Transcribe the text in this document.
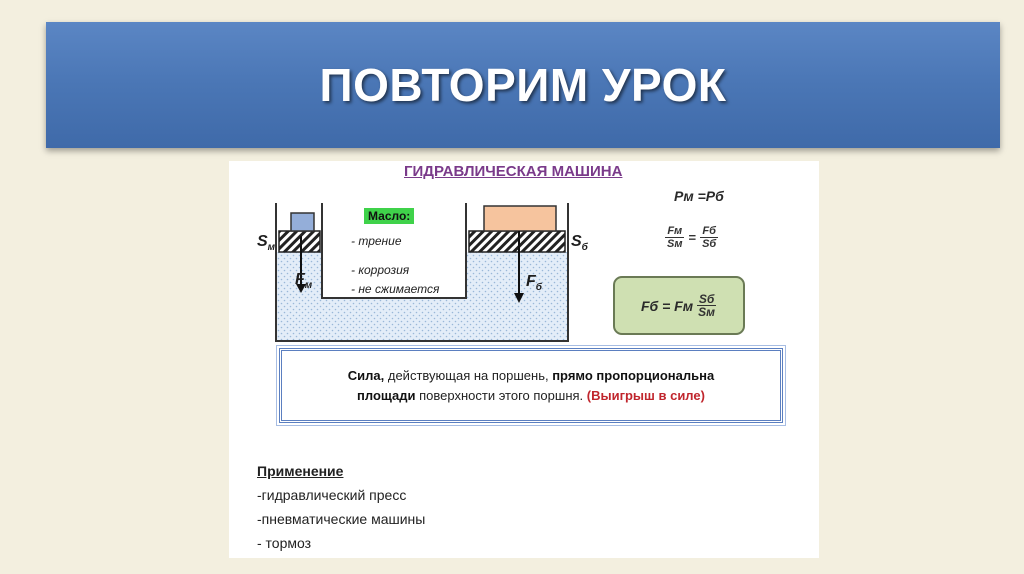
ПОВТОРИМ УРОК
ГИДРАВЛИЧЕСКАЯ МАШИНА
$S_м$	$S_б$
$F_м$	$F_б$
Масло:
- трение
- коррозия
- не сжимается
Pм =Pб
$\frac{Fм}{Sм} = \frac{Fб}{Sб}$
Fб = Fм $\frac{Sб}{Sм}$
Сила, действующая на поршень, прямо пропорциональна
площади поверхности этого поршня. (Выигрыш в силе)
Применение
-гидравлический пресс
-пневматические машины
- тормоз
